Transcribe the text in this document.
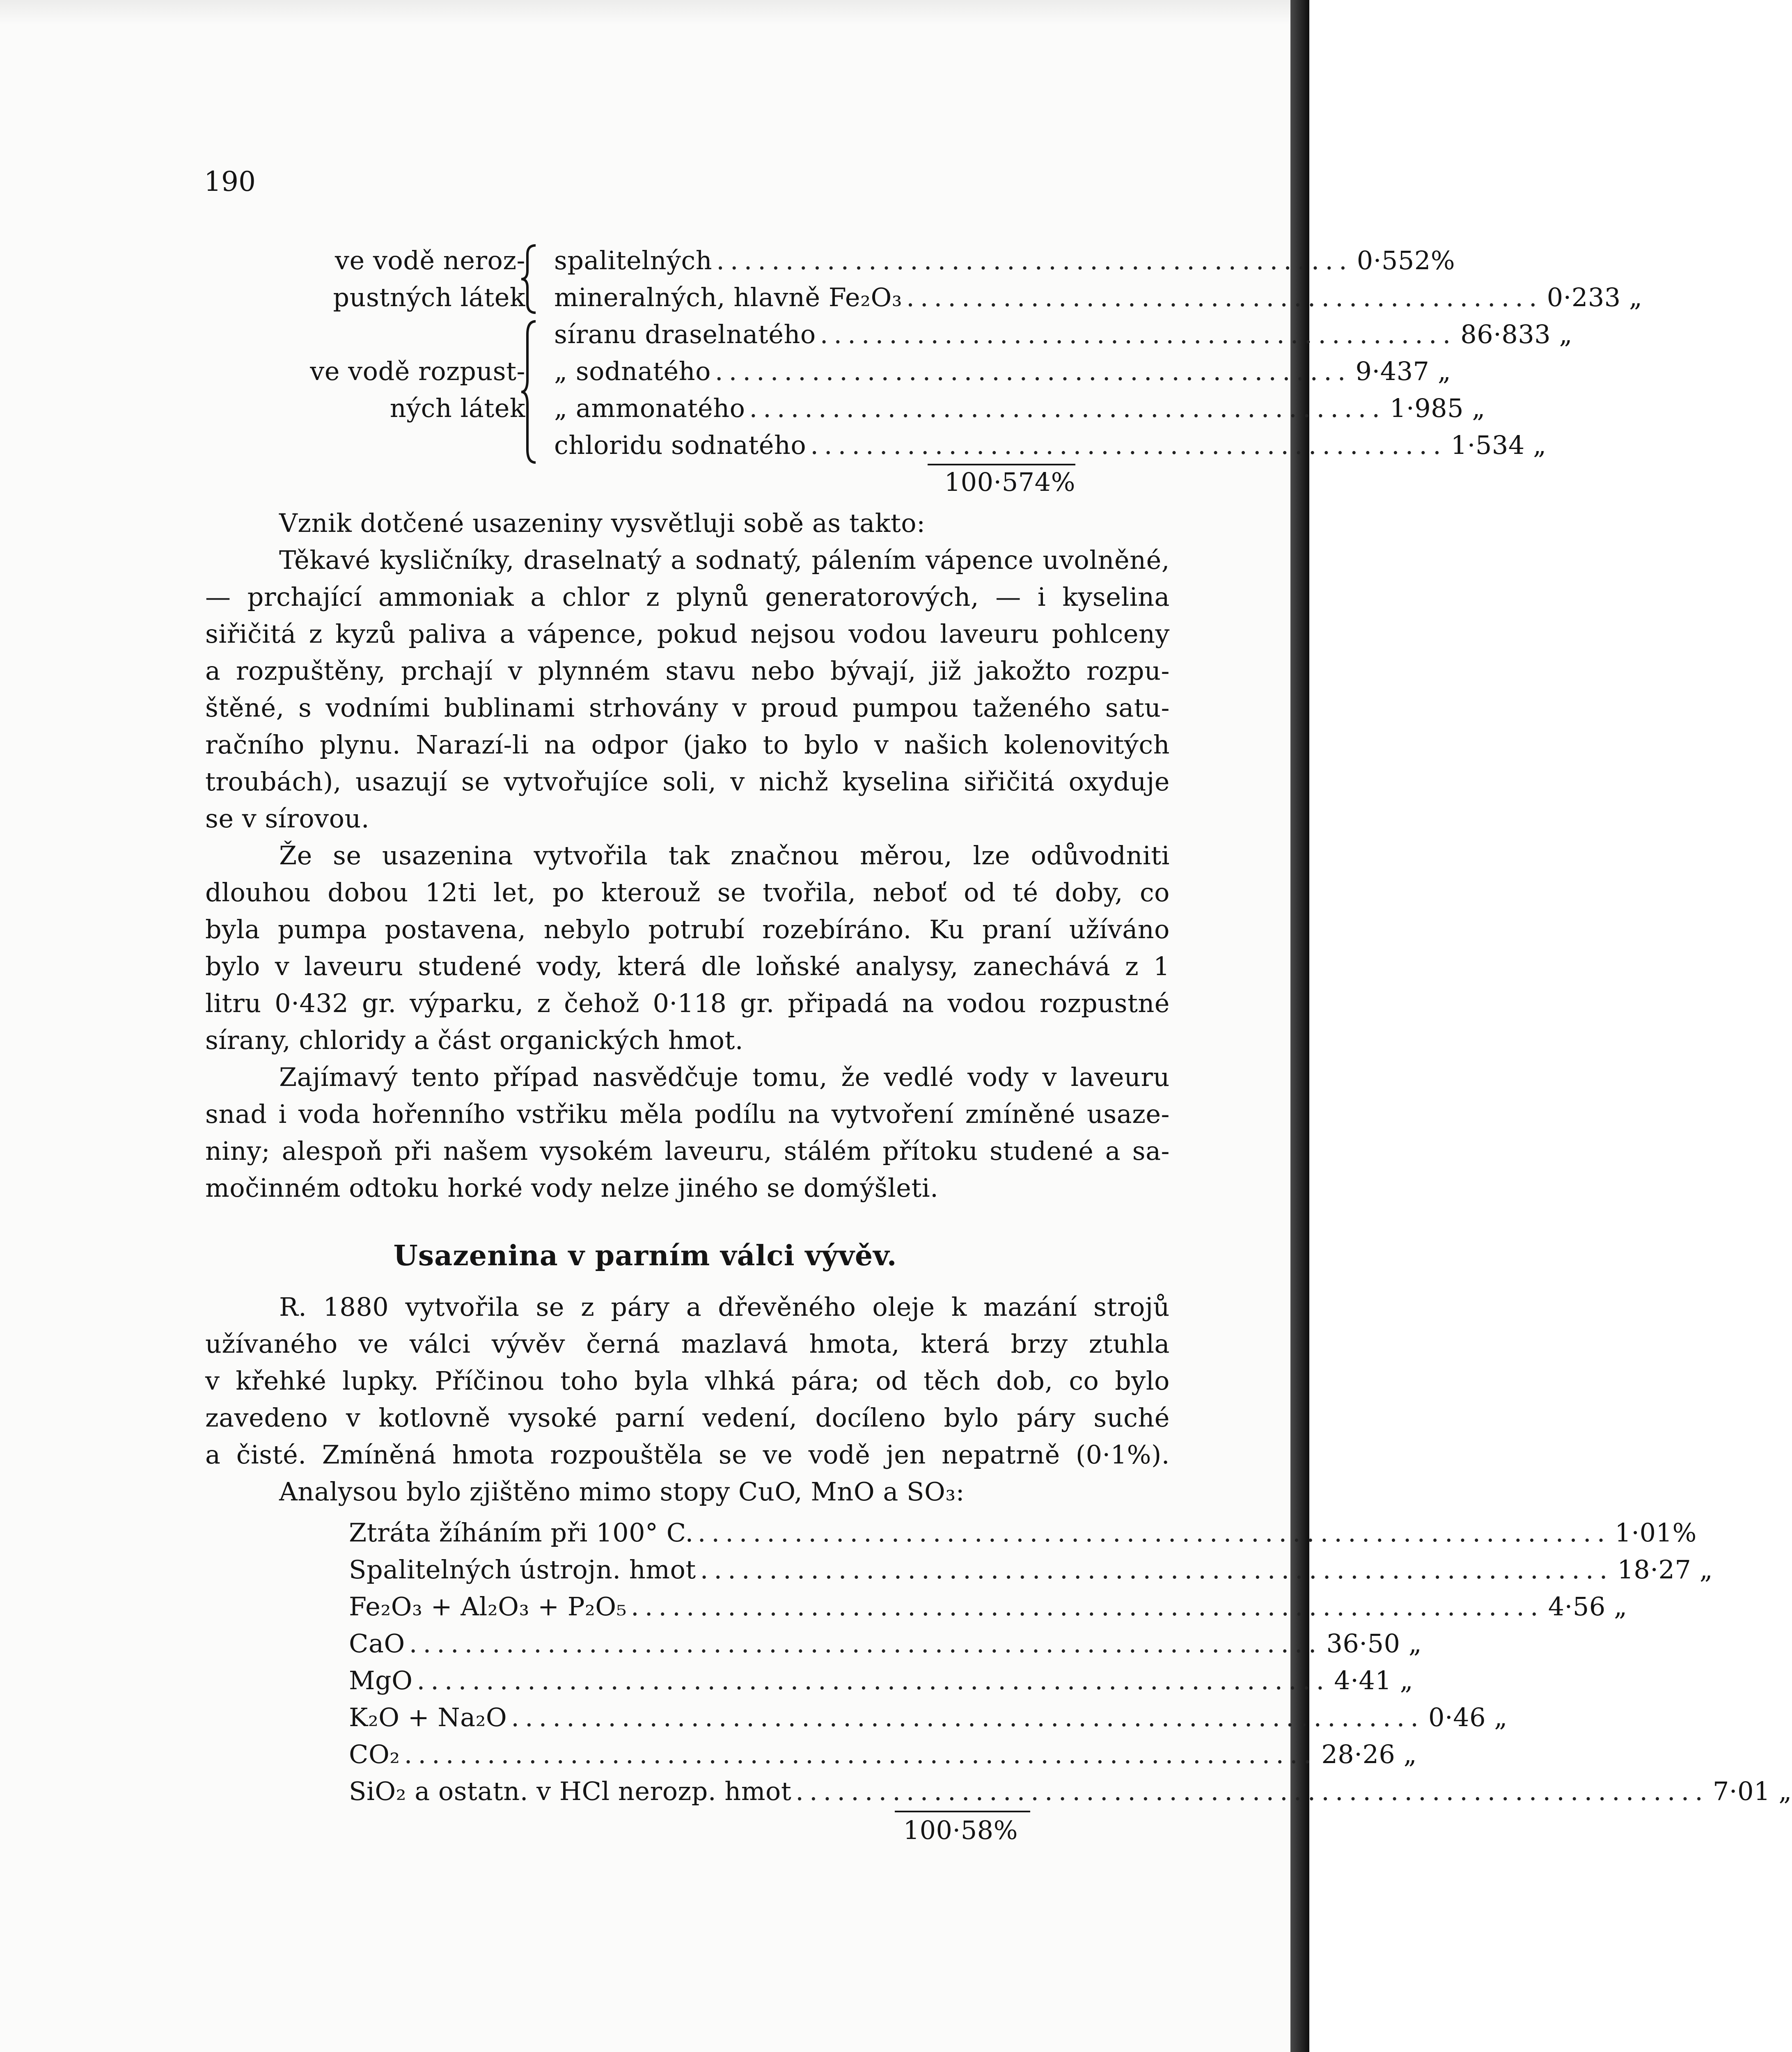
190
ve vodě neroz-
pustných látek
ve vodě rozpust-
ných látek
spalitelných .............................................. 0·552%
mineralných, hlavně Fe₂O₃ .............................................. 0·233 „
síranu draselnatého .............................................. 86·833 „
„ sodnatého .............................................. 9·437 „
„ ammonatého .............................................. 1·985 „
chloridu sodnatého .............................................. 1·534 „
100·574%
Vznik dotčené usazeniny vysvětluji sobě as takto:
Těkavé kysličníky, draselnatý a sodnatý, pálením vápence uvolněné,
— prchající ammoniak a chlor z plynů generatorových, — i kyselina
siřičitá z kyzů paliva a vápence, pokud nejsou vodou laveuru pohlceny
a rozpuštěny, prchají v plynném stavu nebo bývají, již jakožto rozpu-
štěné, s vodními bublinami strhovány v proud pumpou taženého satu-
račního plynu. Narazí-li na odpor (jako to bylo v našich kolenovitých
troubách), usazují se vytvořujíce soli, v nichž kyselina siřičitá oxyduje
se v sírovou.
Že se usazenina vytvořila tak značnou měrou, lze odůvodniti
dlouhou dobou 12ti let, po kterouž se tvořila, neboť od té doby, co
byla pumpa postavena, nebylo potrubí rozebíráno. Ku praní užíváno
bylo v laveuru studené vody, která dle loňské analysy, zanechává z 1
litru 0·432 gr. výparku, z čehož 0·118 gr. připadá na vodou rozpustné
sírany, chloridy a část organických hmot.
Zajímavý tento případ nasvědčuje tomu, že vedlé vody v laveuru
snad i voda hořenního vstřiku měla podílu na vytvoření zmíněné usaze-
niny; alespoň při našem vysokém laveuru, stálém přítoku studené a sa-
močinném odtoku horké vody nelze jiného se domýšleti.
Usazenina v parním válci vývěv.
R. 1880 vytvořila se z páry a dřevěného oleje k mazání strojů
užívaného ve válci vývěv černá mazlavá hmota, která brzy ztuhla
v křehké lupky. Příčinou toho byla vlhká pára; od těch dob, co bylo
zavedeno v kotlovně vysoké parní vedení, docíleno bylo páry suché
a čisté. Zmíněná hmota rozpouštěla se ve vodě jen nepatrně (0·1%).
Analysou bylo zjištěno mimo stopy CuO, MnO a SO₃:
Ztráta žíháním při 100° C. .................................................................. 1·01%
Spalitelných ústrojn. hmot .................................................................. 18·27 „
Fe₂O₃ + Al₂O₃ + P₂O₅ .................................................................. 4·56 „
CaO .................................................................. 36·50 „
MgO .................................................................. 4·41 „
K₂O + Na₂O .................................................................. 0·46 „
CO₂ .................................................................. 28·26 „
SiO₂ a ostatn. v HCl nerozp. hmot .................................................................. 7·01 „
100·58%
